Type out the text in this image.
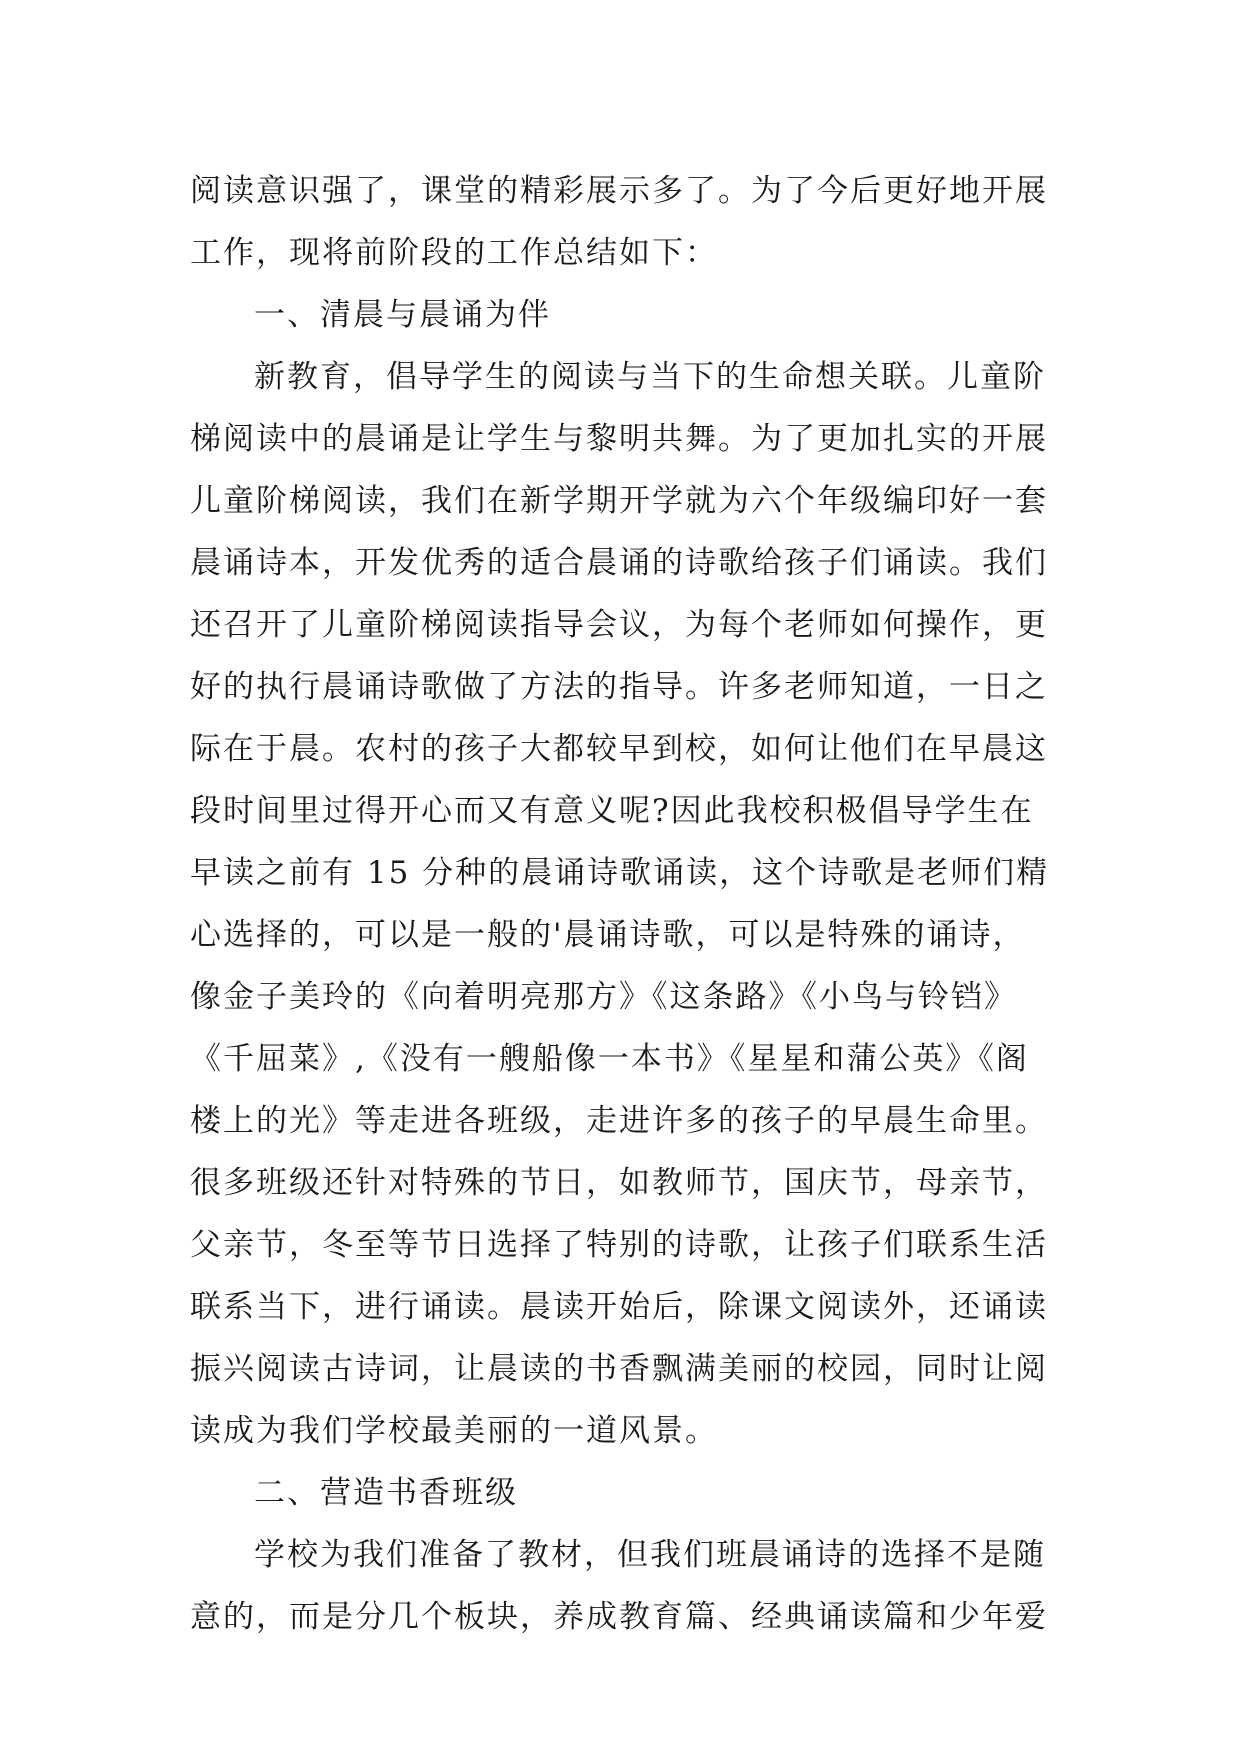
阅读意识强了，课堂的精彩展示多了。为了今后更好地开展
工作，现将前阶段的工作总结如下：
一、清晨与晨诵为伴
新教育，倡导学生的阅读与当下的生命想关联。儿童阶
梯阅读中的晨诵是让学生与黎明共舞。为了更加扎实的开展
儿童阶梯阅读，我们在新学期开学就为六个年级编印好一套
晨诵诗本，开发优秀的适合晨诵的诗歌给孩子们诵读。我们
还召开了儿童阶梯阅读指导会议，为每个老师如何操作，更
好的执行晨诵诗歌做了方法的指导。许多老师知道，一日之
际在于晨。农村的孩子大都较早到校，如何让他们在早晨这
段时间里过得开心而又有意义呢?因此我校积极倡导学生在
早读之前有 15 分种的晨诵诗歌诵读，这个诗歌是老师们精
心选择的，可以是一般的'晨诵诗歌，可以是特殊的诵诗，
像金子美玲的《向着明亮那方》《这条路》《小鸟与铃铛》
《千屈菜》,《没有一艘船像一本书》《星星和蒲公英》《阁
楼上的光》等走进各班级，走进许多的孩子的早晨生命里。
很多班级还针对特殊的节日，如教师节，国庆节，母亲节，
父亲节，冬至等节日选择了特别的诗歌，让孩子们联系生活
联系当下，进行诵读。晨读开始后，除课文阅读外，还诵读
振兴阅读古诗词，让晨读的书香飘满美丽的校园，同时让阅
读成为我们学校最美丽的一道风景。
二、营造书香班级
学校为我们准备了教材，但我们班晨诵诗的选择不是随
意的，而是分几个板块，养成教育篇、经典诵读篇和少年爱
